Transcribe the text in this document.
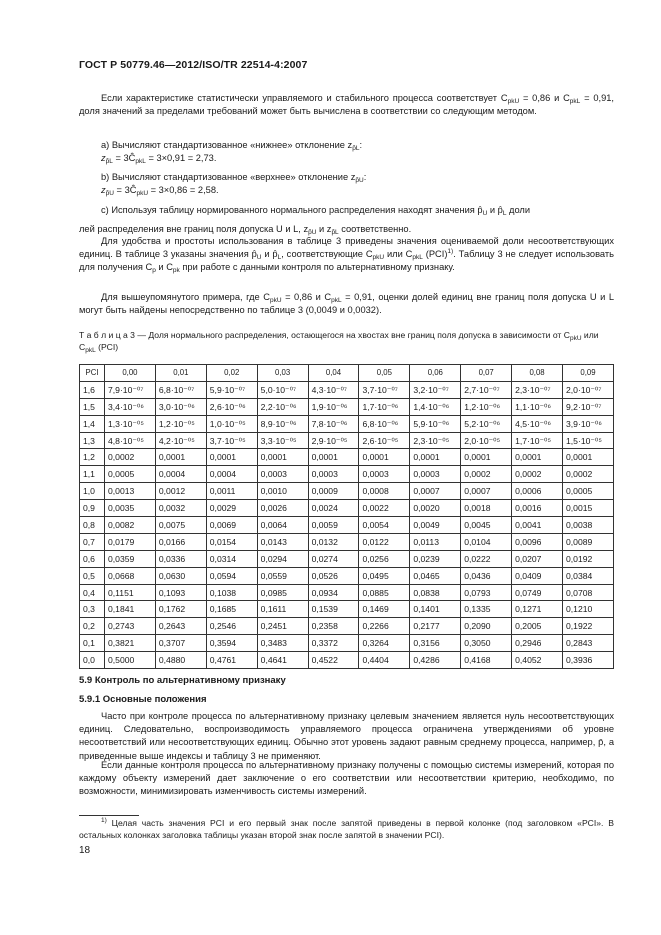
ГОСТ Р 50779.46—2012/ISO/TR 22514-4:2007
Если характеристике статистически управляемого и стабильного процесса соответствует $C_{pkU} = 0,86$ и $C_{pkL} = 0,91$, доля значений за пределами требований может быть вычислена в соответствии со следующим методом.
а) Вычисляют стандартизованное «нижнее» отклонение $z_{p̂L}$:
$z_{p̂L}$ = $3Ĉ_{pkL} = 3\times 0,91 = 2,73$.
b) Вычисляют стандартизованное «верхнее» отклонение $z_{p̂U}$:
$z_{p̂U}$ = $3Ĉ_{pkU} = 3\times 0,86 = 2,58$.
с) Используя таблицу нормированного нормального распределения находят значения $p̂_U$ и $p̂_L$ доли
лей распределения вне границ поля допуска U и L, $z_{p̂U}$ и $z_{p̂L}$ соответственно.
Для удобства и простоты использования в таблице 3 приведены значения оцениваемой доли несоответствующих единиц. В таблице 3 указаны значения $p̂_U$ и $p̂_L$, соответствующие $C_{pkU}$ или $C_{pkL}$ (PCI)$^{1)}$. Таблицу 3 не следует использовать для получения $C_p$ и $C_{pk}$ при работе с данными контроля по альтернативному признаку.
Для вышеупомянутого примера, где $C_{pkU} = 0,86$ и $C_{pkL} = 0,91$, оценки долей единиц вне границ поля допуска U и L могут быть найдены непосредственно по таблице 3 (0,0049 и 0,0032).
Т а б л и ц а 3 — Доля нормального распределения, остающегося на хвостах вне границ поля допуска в зависимости от $C_{pkU}$ или $C_{pkL}$ (PCI)
PCI	0,00	0,01	0,02	0,03	0,04	0,05	0,06	0,07	0,08	0,09
1,6	7,9·10⁻⁰⁷	6,8·10⁻⁰⁷	5,9·10⁻⁰⁷	5,0·10⁻⁰⁷	4,3·10⁻⁰⁷	3,7·10⁻⁰⁷	3,2·10⁻⁰⁷	2,7·10⁻⁰⁷	2,3·10⁻⁰⁷	2,0·10⁻⁰⁷
1,5	3,4·10⁻⁰⁶	3,0·10⁻⁰⁶	2,6·10⁻⁰⁶	2,2·10⁻⁰⁶	1,9·10⁻⁰⁶	1,7·10⁻⁰⁶	1,4·10⁻⁰⁶	1,2·10⁻⁰⁶	1,1·10⁻⁰⁶	9,2·10⁻⁰⁷
1,4	1,3·10⁻⁰⁵	1,2·10⁻⁰⁵	1,0·10⁻⁰⁵	8,9·10⁻⁰⁶	7,8·10⁻⁰⁶	6,8·10⁻⁰⁶	5,9·10⁻⁰⁶	5,2·10⁻⁰⁶	4,5·10⁻⁰⁶	3,9·10⁻⁰⁶
1,3	4,8·10⁻⁰⁵	4,2·10⁻⁰⁵	3,7·10⁻⁰⁵	3,3·10⁻⁰⁵	2,9·10⁻⁰⁵	2,6·10⁻⁰⁵	2,3·10⁻⁰⁵	2,0·10⁻⁰⁵	1,7·10⁻⁰⁵	1,5·10⁻⁰⁵
1,2	0,0002	0,0001	0,0001	0,0001	0,0001	0,0001	0,0001	0,0001	0,0001	0,0001
1,1	0,0005	0,0004	0,0004	0,0003	0,0003	0,0003	0,0003	0,0002	0,0002	0,0002
1,0	0,0013	0,0012	0,0011	0,0010	0,0009	0,0008	0,0007	0,0007	0,0006	0,0005
0,9	0,0035	0,0032	0,0029	0,0026	0,0024	0,0022	0,0020	0,0018	0,0016	0,0015
0,8	0,0082	0,0075	0,0069	0,0064	0,0059	0,0054	0,0049	0,0045	0,0041	0,0038
0,7	0,0179	0,0166	0,0154	0,0143	0,0132	0,0122	0,0113	0,0104	0,0096	0,0089
0,6	0,0359	0,0336	0,0314	0,0294	0,0274	0,0256	0,0239	0,0222	0,0207	0,0192
0,5	0,0668	0,0630	0,0594	0,0559	0,0526	0,0495	0,0465	0,0436	0,0409	0,0384
0,4	0,1151	0,1093	0,1038	0,0985	0,0934	0,0885	0,0838	0,0793	0,0749	0,0708
0,3	0,1841	0,1762	0,1685	0,1611	0,1539	0,1469	0,1401	0,1335	0,1271	0,1210
0,2	0,2743	0,2643	0,2546	0,2451	0,2358	0,2266	0,2177	0,2090	0,2005	0,1922
0,1	0,3821	0,3707	0,3594	0,3483	0,3372	0,3264	0,3156	0,3050	0,2946	0,2843
0,0	0,5000	0,4880	0,4761	0,4641	0,4522	0,4404	0,4286	0,4168	0,4052	0,3936
5.9 Контроль по альтернативному признаку
5.9.1 Основные положения
Часто при контроле процесса по альтернативному признаку целевым значением является нуль несоответствующих единиц. Следовательно, воспроизводимость управляемого процесса ограничена утверждениями об уровне несоответствий или несоответствующих единиц. Обычно этот уровень задают равным среднему процесса, например, p̄, а приведенные выше индексы и таблицу 3 не применяют.
Если данные контроля процесса по альтернативному признаку получены с помощью системы измерений, которая по каждому объекту измерений дает заключение о его соответствии или несоответствии критерию, необходимо, по возможности, минимизировать изменчивость системы измерений.
$^{1)}$ Целая часть значения PCI и его первый знак после запятой приведены в первой колонке (под заголовком «PCI». В остальных колонках заголовка таблицы указан второй знак после запятой в значении PCI).
18
